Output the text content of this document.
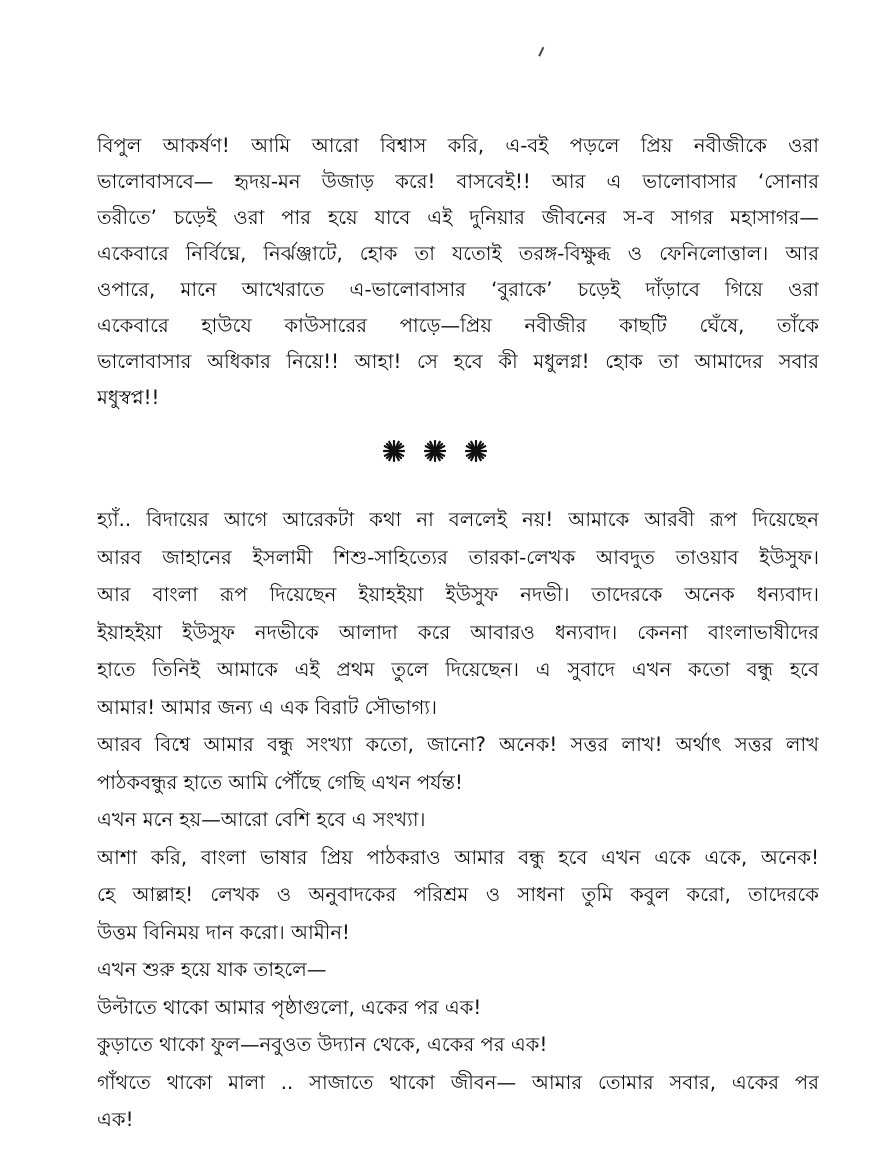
বিপুল আকর্ষণ! আমি আরো বিশ্বাস করি, এ-বই পড়লে প্রিয় নবীজীকে ওরা
ভালোবাসবে— হৃদয়-মন উজাড় করে! বাসবেই!! আর এ ভালোবাসার ‘সোনার
তরীতে’ চড়েই ওরা পার হয়ে যাবে এই দুনিয়ার জীবনের স-ব সাগর মহাসাগর—
একেবারে নির্বিঘ্নে, নির্ঝঞ্জাটে, হোক তা যতোই তরঙ্গ-বিক্ষুব্ধ ও ফেনিলোত্তাল। আর
ওপারে, মানে আখেরাতে এ-ভালোবাসার ‘বুরাকে’ চড়েই দাঁড়াবে গিয়ে ওরা
একেবারে হাউযে কাউসারের পাড়ে—প্রিয় নবীজীর কাছটি ঘেঁষে, তাঁকে
ভালোবাসার অধিকার নিয়ে!! আহা! সে হবে কী মধুলগ্ন! হোক তা আমাদের সবার
মধুস্বপ্ন!!

হ্যাঁ.. বিদায়ের আগে আরেকটা কথা না বললেই নয়! আমাকে আরবী রূপ দিয়েছেন
আরব জাহানের ইসলামী শিশু-সাহিত্যের তারকা-লেখক আবদুত তাওয়াব ইউসুফ।
আর বাংলা রূপ দিয়েছেন ইয়াহইয়া ইউসুফ নদভী। তাদেরকে অনেক ধন্যবাদ।
ইয়াহইয়া ইউসুফ নদভীকে আলাদা করে আবারও ধন্যবাদ। কেননা বাংলাভাষীদের
হাতে তিনিই আমাকে এই প্রথম তুলে দিয়েছেন। এ সুবাদে এখন কতো বন্ধু হবে
আমার! আমার জন্য এ এক বিরাট সৌভাগ্য।
আরব বিশ্বে আমার বন্ধু সংখ্যা কতো, জানো? অনেক! সত্তর লাখ! অর্থাৎ সত্তর লাখ
পাঠকবন্ধুর হাতে আমি পৌঁছে গেছি এখন পর্যন্ত!
এখন মনে হয়—আরো বেশি হবে এ সংখ্যা।
আশা করি, বাংলা ভাষার প্রিয় পাঠকরাও আমার বন্ধু হবে এখন একে একে, অনেক!
হে আল্লাহ! লেখক ও অনুবাদকের পরিশ্রম ও সাধনা তুমি কবুল করো, তাদেরকে
উত্তম বিনিময় দান করো। আমীন!
এখন শুরু হয়ে যাক তাহলে—
উল্টাতে থাকো আমার পৃষ্ঠাগুলো, একের পর এক!
কুড়াতে থাকো ফুল—নবুওত উদ্যান থেকে, একের পর এক!
গাঁথতে থাকো মালা .. সাজাতে থাকো জীবন— আমার তোমার সবার, একের পর
এক!
